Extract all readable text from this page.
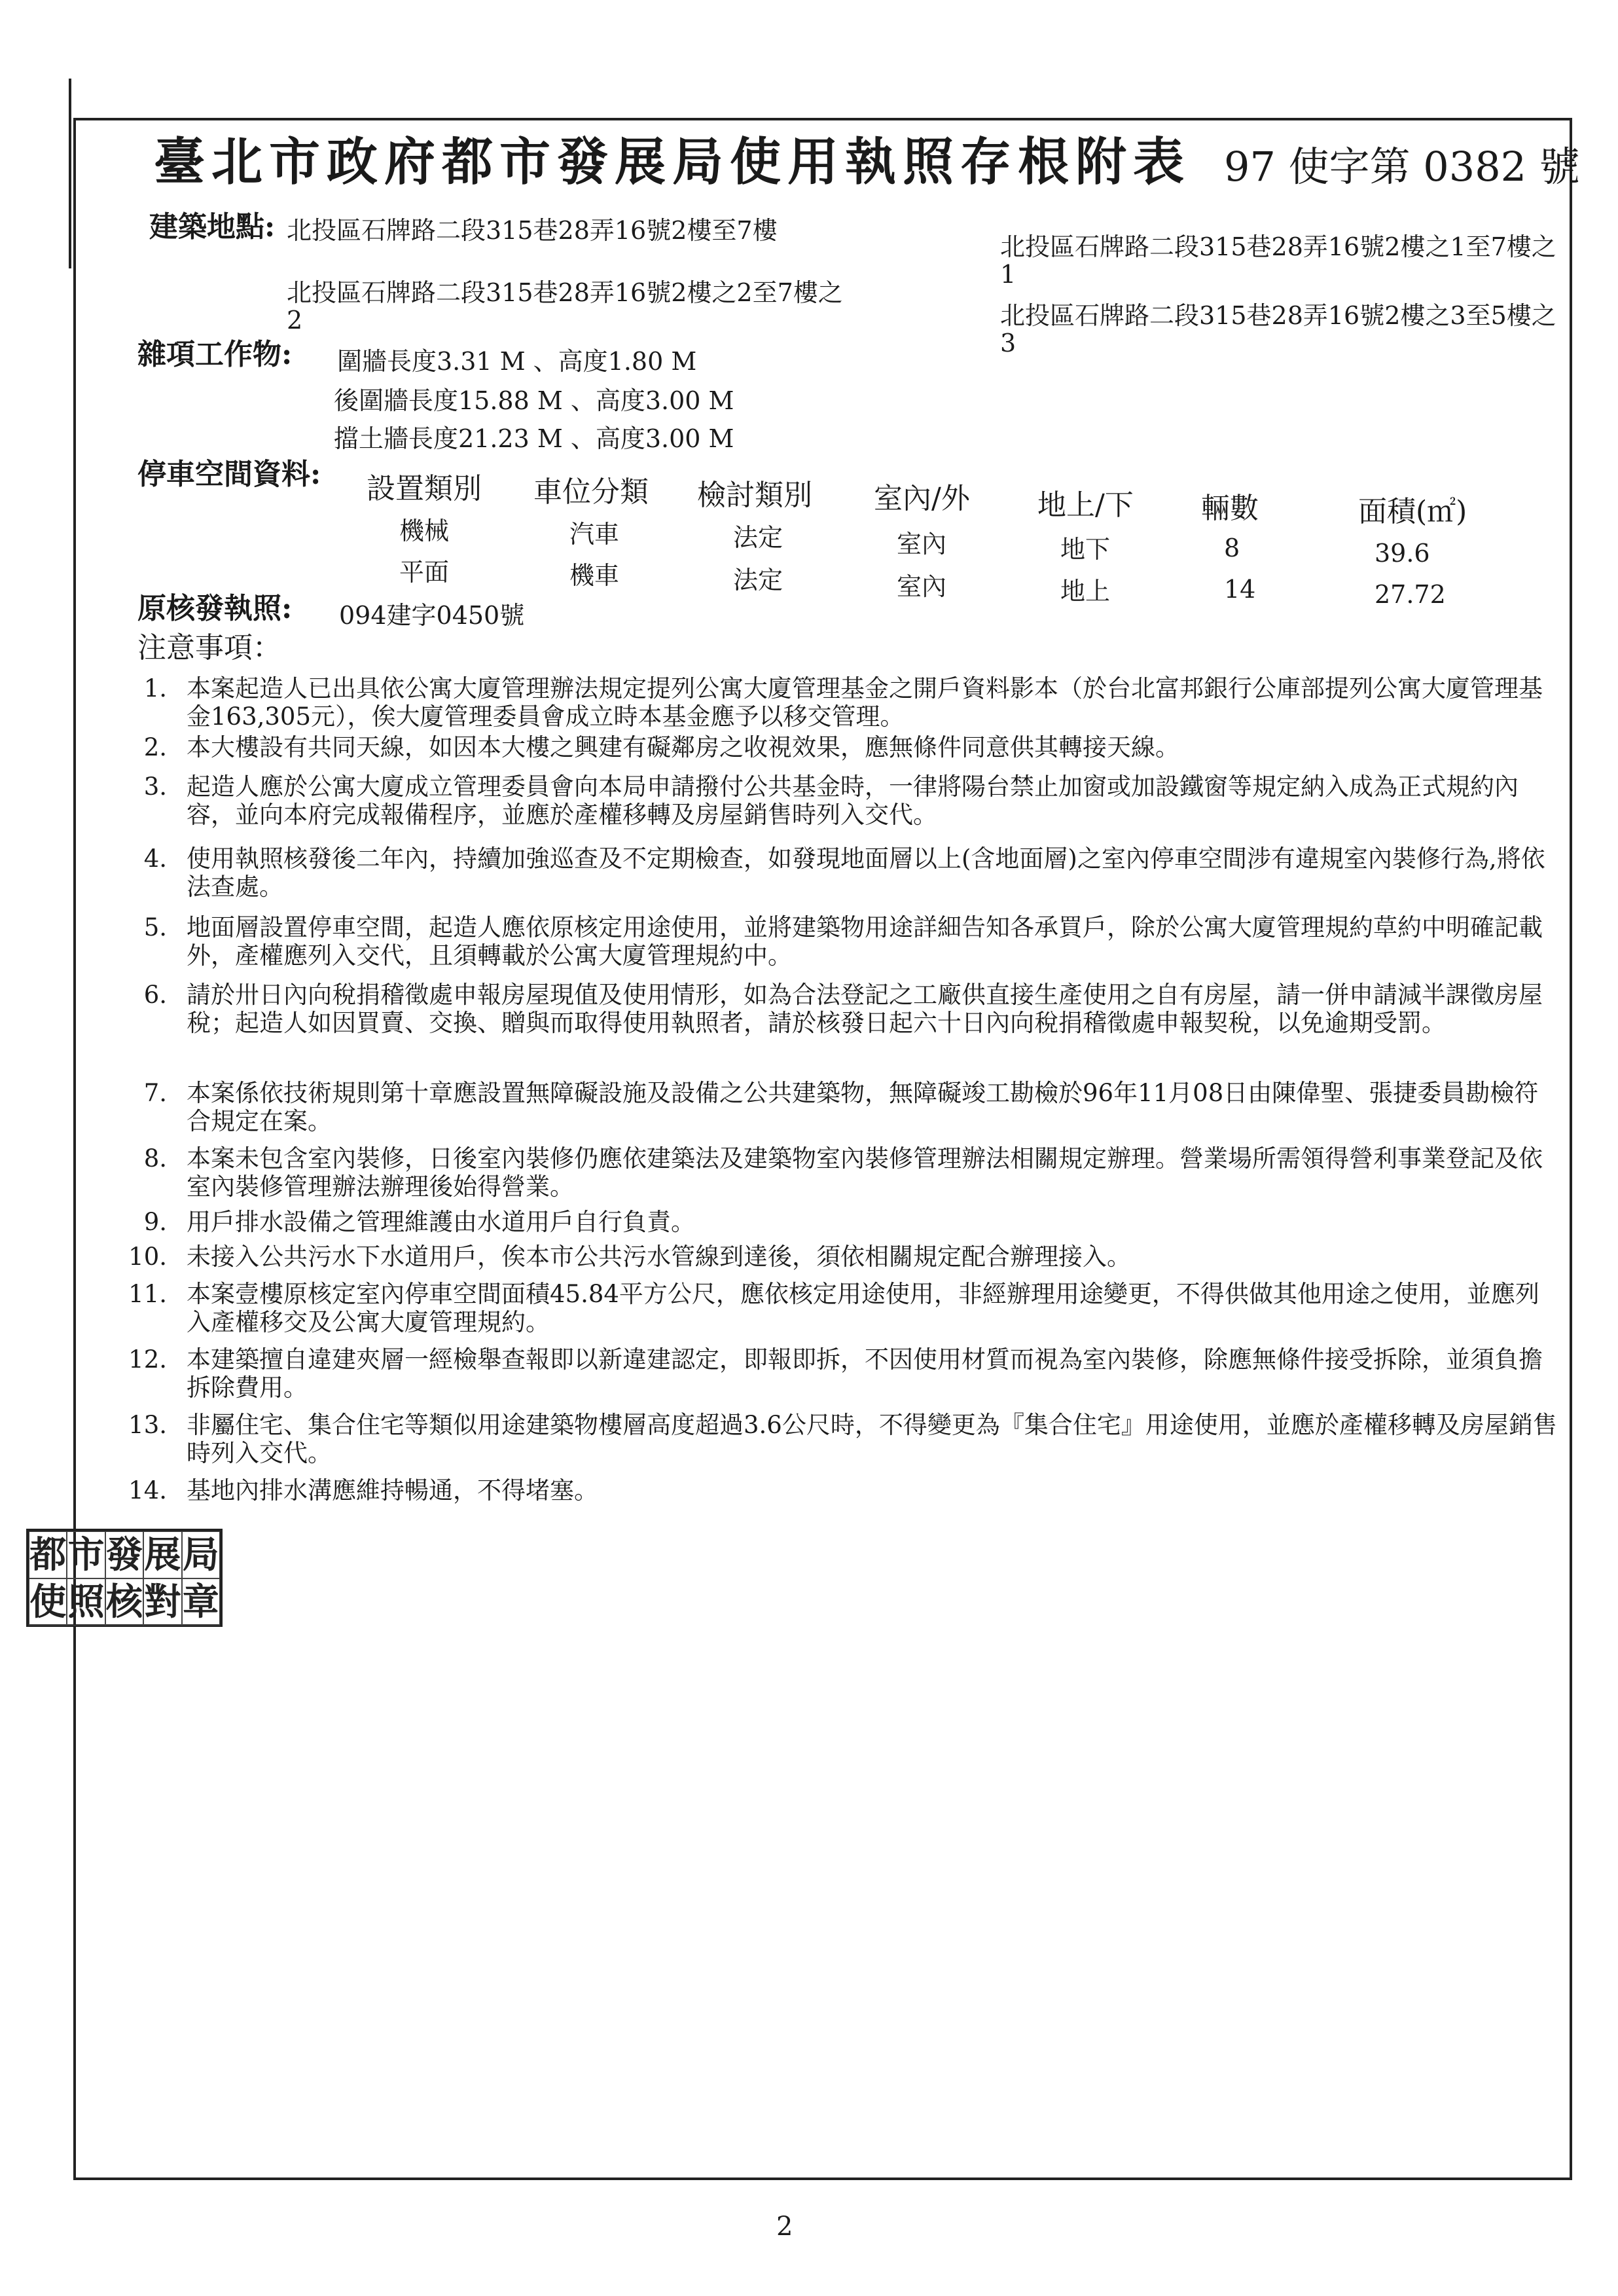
臺北市政府都市發展局使用執照存根附表 97 使字第 0382 號
建築地點: 北投區石牌路二段315巷28弄16號2樓至7樓
北投區石牌路二段315巷28弄16號2樓之1至7樓之
1
北投區石牌路二段315巷28弄16號2樓之2至7樓之
2	北投區石牌路二段315巷28弄16號2樓之3至5樓之
3
雜項工作物: 圍牆長度3.31 M 、高度1.80 M
後圍牆長度15.88 M 、高度3.00 M
擋土牆長度21.23 M 、高度3.00 M
停車空間資料: 設置類別 車位分類 檢討類別 室內/外 地上/下 輛數	面積(㎡)
機械	汽車	法定	室內	地下	8	39.6
平面	機車	法定	室內	地上	14	27.72
原核發執照: 094建字0450號
注意事項：
1. 本案起造人已出具依公寓大廈管理辦法規定提列公寓大廈管理基金之開戶資料影本（於台北富邦銀行公庫部提列公寓大廈管理基金163,305元），俟大廈管理委員會成立時本基金應予以移交管理。
2. 本大樓設有共同天線，如因本大樓之興建有礙鄰房之收視效果，應無條件同意供其轉接天線。
3. 起造人應於公寓大廈成立管理委員會向本局申請撥付公共基金時，一律將陽台禁止加窗或加設鐵窗等規定納入成為正式規約內容，並向本府完成報備程序，並應於產權移轉及房屋銷售時列入交代。
4. 使用執照核發後二年內，持續加強巡查及不定期檢查，如發現地面層以上(含地面層)之室內停車空間涉有違規室內裝修行為,將依法查處。
5. 地面層設置停車空間，起造人應依原核定用途使用，並將建築物用途詳細告知各承買戶，除於公寓大廈管理規約草約中明確記載外，產權應列入交代，且須轉載於公寓大廈管理規約中。
6. 請於卅日內向稅捐稽徵處申報房屋現值及使用情形，如為合法登記之工廠供直接生產使用之自有房屋，請一併申請減半課徵房屋稅；起造人如因買賣、交換、贈與而取得使用執照者，請於核發日起六十日內向稅捐稽徵處申報契稅，以免逾期受罰。
7. 本案係依技術規則第十章應設置無障礙設施及設備之公共建築物，無障礙竣工勘檢於96年11月08日由陳偉聖、張捷委員勘檢符合規定在案。
8. 本案未包含室內裝修，日後室內裝修仍應依建築法及建築物室內裝修管理辦法相關規定辦理。營業場所需領得營利事業登記及依室內裝修管理辦法辦理後始得營業。
9. 用戶排水設備之管理維護由水道用戶自行負責。
10. 未接入公共污水下水道用戶，俟本市公共污水管線到達後，須依相關規定配合辦理接入。
11. 本案壹樓原核定室內停車空間面積45.84平方公尺，應依核定用途使用，非經辦理用途變更，不得供做其他用途之使用，並應列入產權移交及公寓大廈管理規約。
12. 本建築擅自違建夾層一經檢舉查報即以新違建認定，即報即拆，不因使用材質而視為室內裝修，除應無條件接受拆除，並須負擔拆除費用。
13. 非屬住宅、集合住宅等類似用途建築物樓層高度超過3.6公尺時，不得變更為『集合住宅』用途使用，並應於產權移轉及房屋銷售時列入交代。
14. 基地內排水溝應維持暢通，不得堵塞。
都 市 發 展 局
使 照 核 對 章
2
